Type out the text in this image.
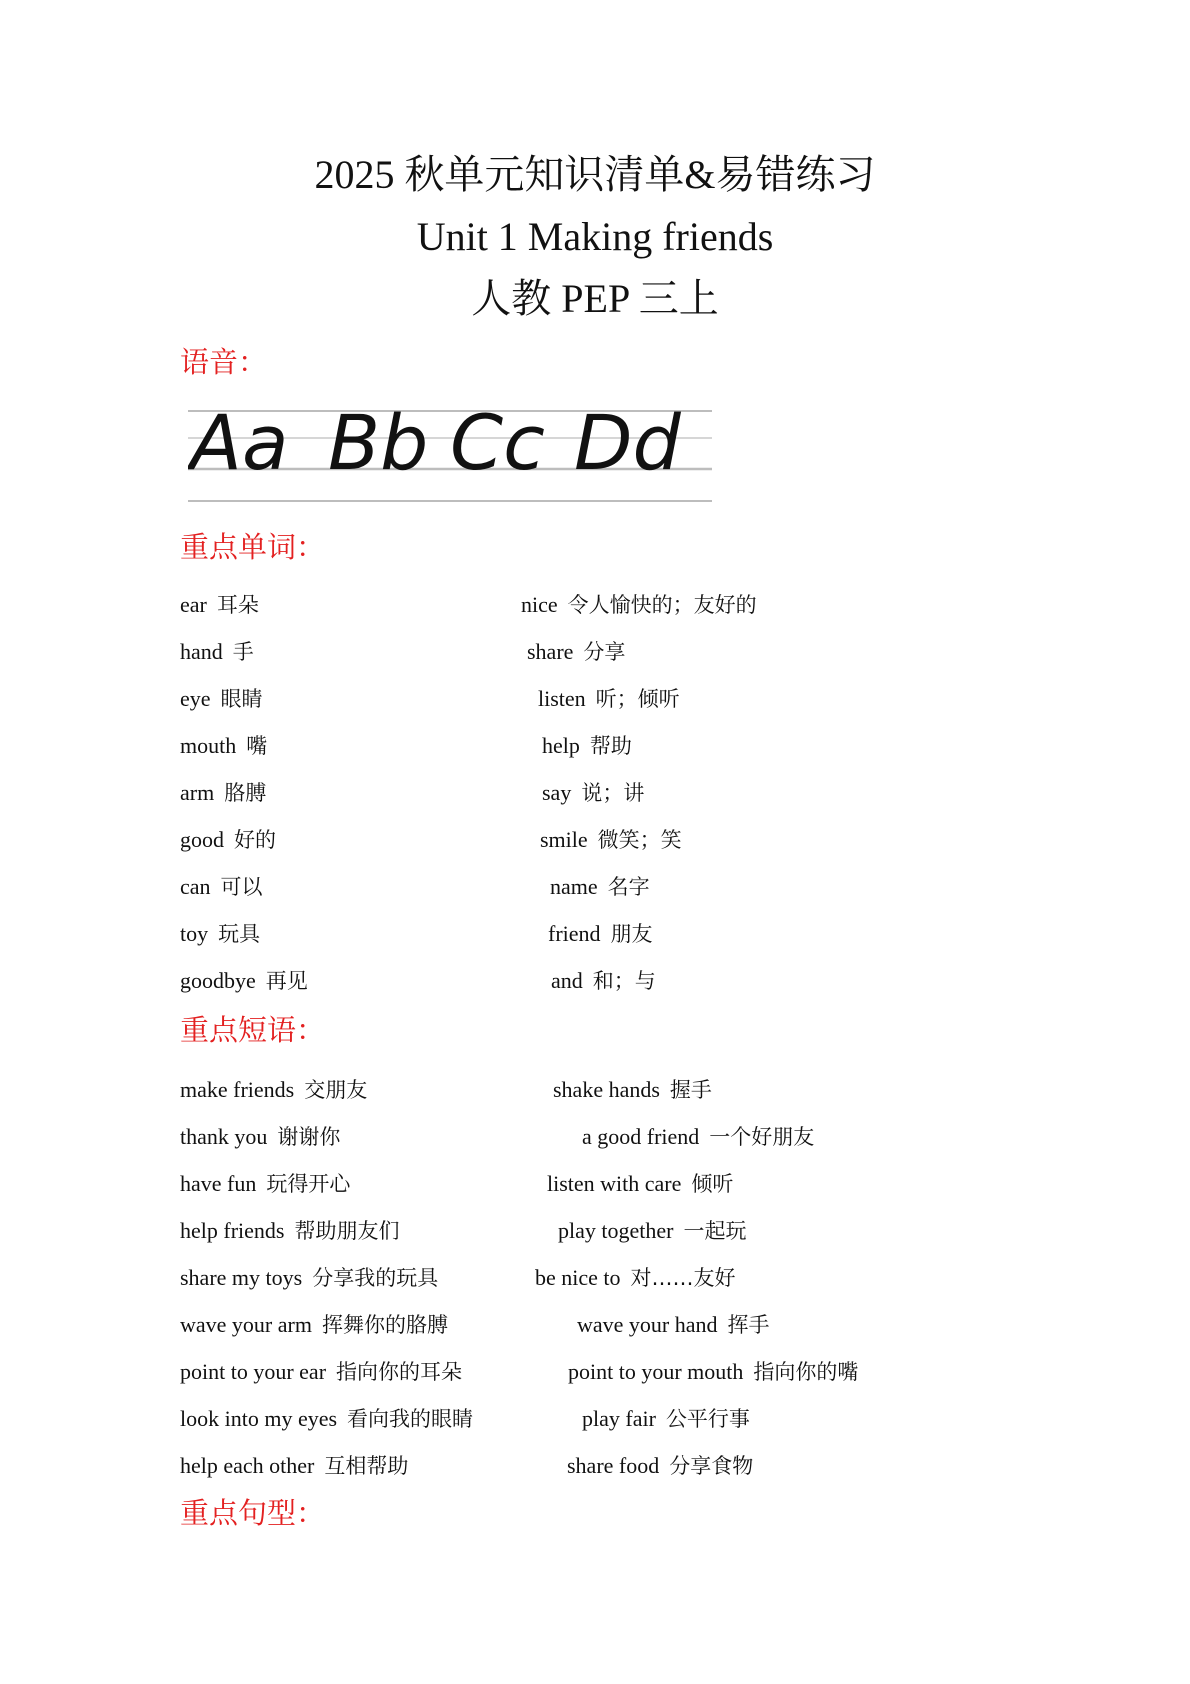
2025 秋单元知识清单&易错练习
Unit 1 Making friends
人教 PEP 三上
语音：
Aa Bb Cc Dd
重点单词：
ear 耳朵
hand 手
eye 眼睛
mouth 嘴
arm 胳膊
good 好的
can 可以
toy 玩具
goodbye 再见
nice 令人愉快的；友好的
share 分享
listen 听；倾听
help 帮助
say 说；讲
smile 微笑；笑
name 名字
friend 朋友
and 和；与
重点短语：
make friends 交朋友
thank you 谢谢你
have fun 玩得开心
help friends 帮助朋友们
share my toys 分享我的玩具
wave your arm 挥舞你的胳膊
point to your ear 指向你的耳朵
look into my eyes 看向我的眼睛
help each other 互相帮助
shake hands 握手
a good friend 一个好朋友
listen with care 倾听
play together 一起玩
be nice to 对……友好
wave your hand 挥手
point to your mouth 指向你的嘴
play fair 公平行事
share food 分享食物
重点句型：
